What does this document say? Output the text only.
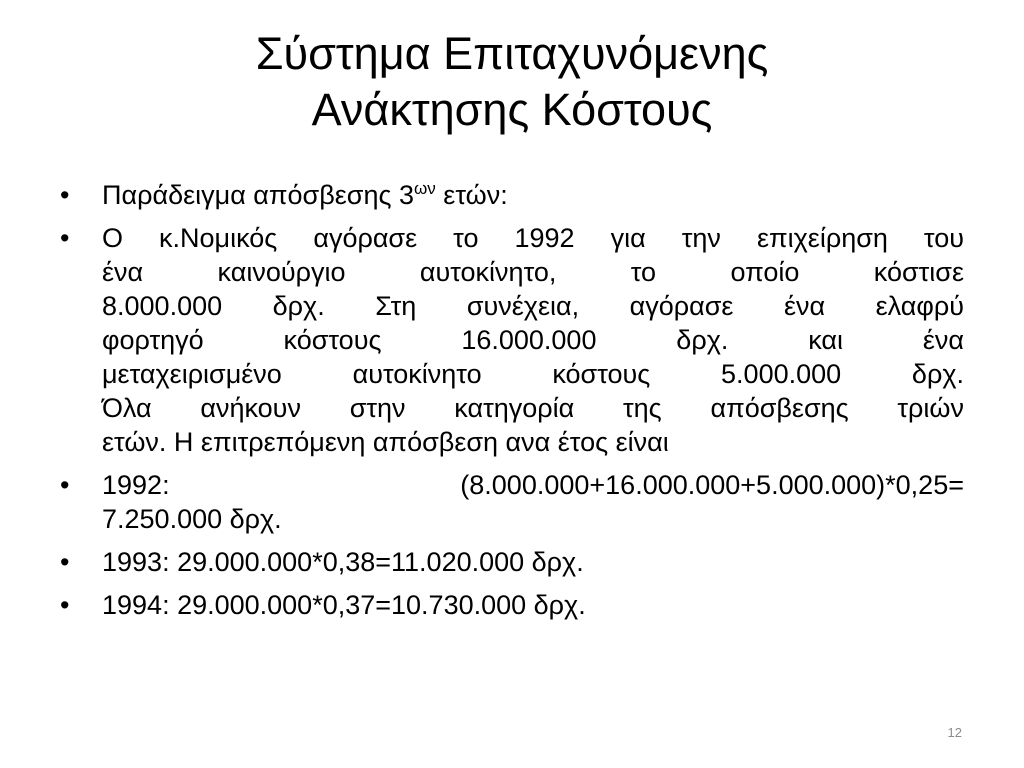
Σύστημα Επιταχυνόμενης
Ανάκτησης Κόστους
•	Παράδειγμα απόσβεσης $3^{\omega\nu}$ ετών:
•	Ο κ.Νομικός αγόρασε το 1992 για την επιχείρηση του
ένα καινούργιο αυτοκίνητο, το οποίο κόστισε
8.000.000 δρχ. Στη συνέχεια, αγόρασε ένα ελαφρύ
φορτηγό κόστους 16.000.000 δρχ. και ένα
μεταχειρισμένο αυτοκίνητο κόστους 5.000.000 δρχ.
Όλα ανήκουν στην κατηγορία της απόσβεσης τριών
ετών. Η επιτρεπόμενη απόσβεση ανα έτος είναι
•	1992:	(8.000.000+16.000.000+5.000.000)*0,25=
7.250.000 δρχ.
•	1993: 29.000.000*0,38=11.020.000 δρχ.
•	1994: 29.000.000*0,37=10.730.000 δρχ.
12
